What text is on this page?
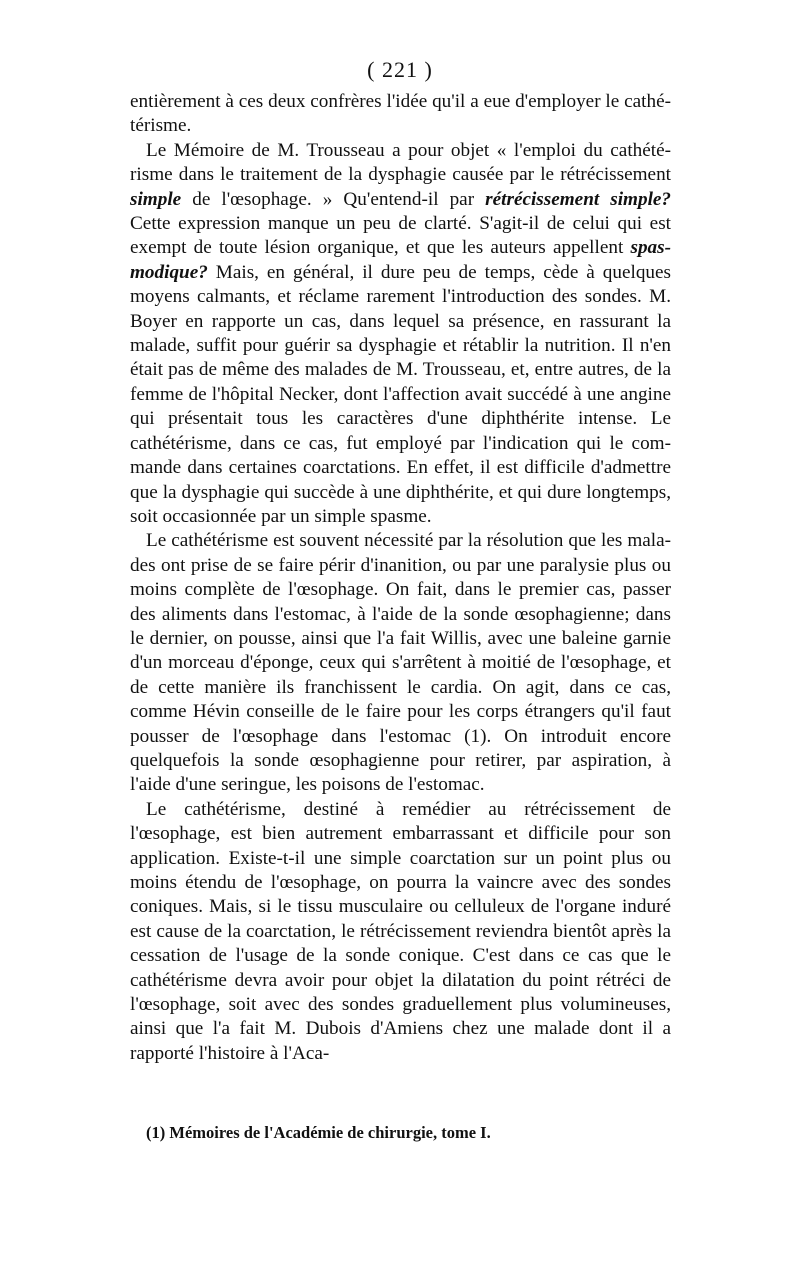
( 221 )

entièrement à ces deux confrères l'idée qu'il a eue d'employer le cathétérisme.

Le Mémoire de M. Trousseau a pour objet « l'emploi du cathétérisme dans le traitement de la dysphagie causée par le rétrécissement simple de l'œsophage. » Qu'entend-il par rétrécissement simple? Cette expression manque un peu de clarté. S'agit-il de celui qui est exempt de toute lésion organique, et que les auteurs appellent spasmodique? Mais, en général, il dure peu de temps, cède à quelques moyens calmants, et réclame rarement l'introduction des sondes. M. Boyer en rapporte un cas, dans lequel sa présence, en rassurant la malade, suffit pour guérir sa dysphagie et rétablir la nutrition. Il n'en était pas de même des malades de M. Trousseau, et, entre autres, de la femme de l'hôpital Necker, dont l'affection avait succédé à une angine qui présentait tous les caractères d'une diphthérite intense. Le cathétérisme, dans ce cas, fut employé par l'indication qui le commande dans certaines coarctations. En effet, il est difficile d'admettre que la dysphagie qui succède à une diphthérite, et qui dure longtemps, soit occasionnée par un simple spasme.

Le cathétérisme est souvent nécessité par la résolution que les malades ont prise de se faire périr d'inanition, ou par une paralysie plus ou moins complète de l'œsophage. On fait, dans le premier cas, passer des aliments dans l'estomac, à l'aide de la sonde œsophagienne; dans le dernier, on pousse, ainsi que l'a fait Willis, avec une baleine garnie d'un morceau d'éponge, ceux qui s'arrêtent à moitié de l'œsophage, et de cette manière ils franchissent le cardia. On agit, dans ce cas, comme Hévin conseille de le faire pour les corps étrangers qu'il faut pousser de l'œsophage dans l'estomac (1). On introduit encore quelquefois la sonde œsophagienne pour retirer, par aspiration, à l'aide d'une seringue, les poisons de l'estomac.

Le cathétérisme, destiné à remédier au rétrécissement de l'œsophage, est bien autrement embarrassant et difficile pour son application. Existe-t-il une simple coarctation sur un point plus ou moins étendu de l'œsophage, on pourra la vaincre avec des sondes coniques. Mais, si le tissu musculaire ou celluleux de l'organe induré est cause de la coarctation, le rétrécissement reviendra bientôt après la cessation de l'usage de la sonde conique. C'est dans ce cas que le cathétérisme devra avoir pour objet la dilatation du point rétréci de l'œsophage, soit avec des sondes graduellement plus volumineuses, ainsi que l'a fait M. Dubois d'Amiens chez une malade dont il a rapporté l'histoire à l'Aca-

(1) Mémoires de l'Académie de chirurgie, tome I.
